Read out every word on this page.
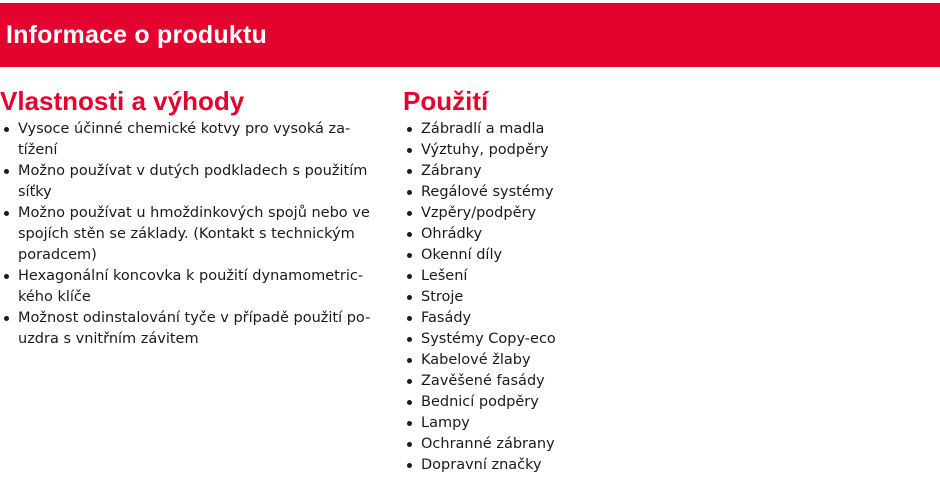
Informace o produktu
Vlastnosti a výhody
Vysoce účinné chemické kotvy pro vysoká za-
tížení
Možno používat v dutých podkladech s použitím
síťky
Možno používat u hmoždinkových spojů nebo ve
spojích stěn se základy. (Kontakt s technickým
poradcem)
Hexagonální koncovka k použití dynamometric-
kého klíče
Možnost odinstalování tyče v případě použití po-
uzdra s vnitřním závitem
Použití
Zábradlí a madla
Výztuhy, podpěry
Zábrany
Regálové systémy
Vzpěry/podpěry
Ohrádky
Okenní díly
Lešení
Stroje
Fasády
Systémy Copy-eco
Kabelové žlaby
Zavěšené fasády
Bednicí podpěry
Lampy
Ochranné zábrany
Dopravní značky
